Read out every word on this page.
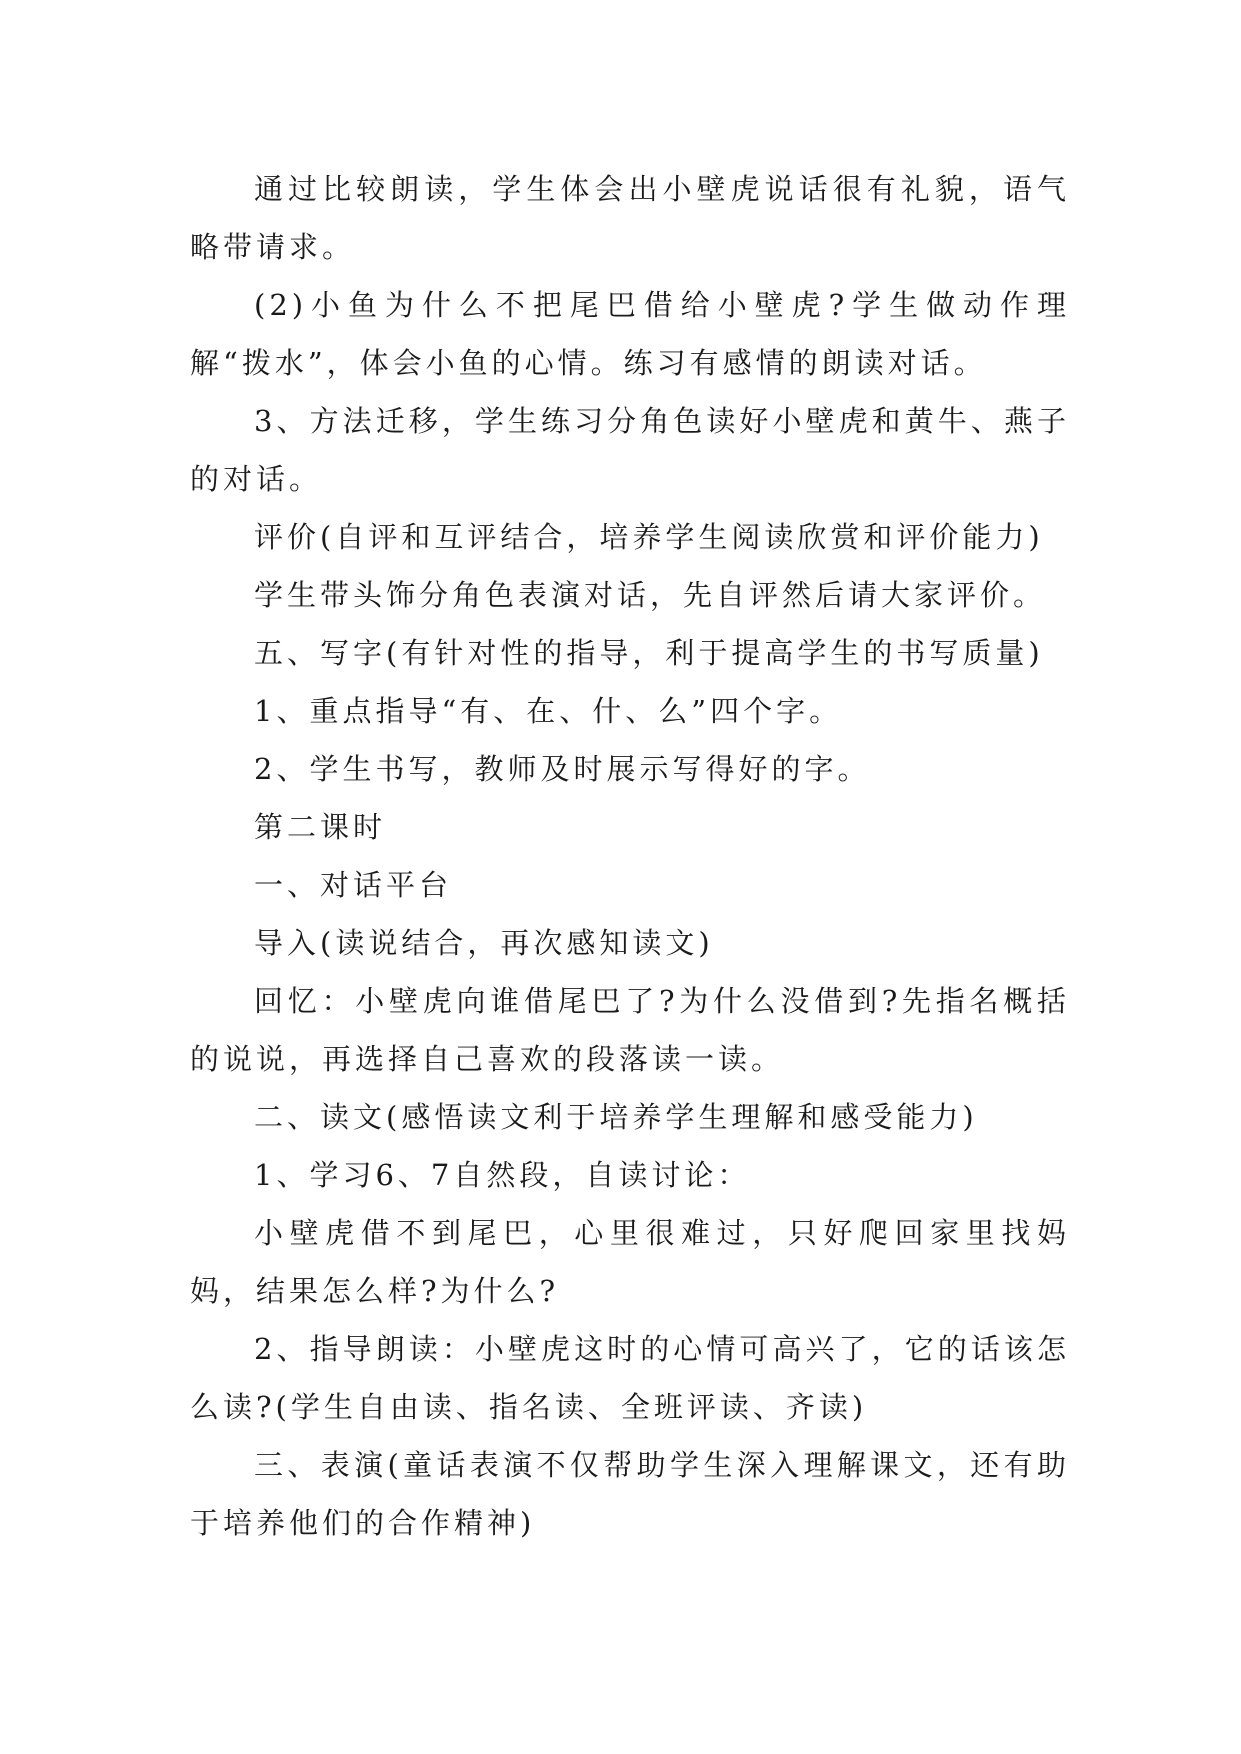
通过比较朗读，学生体会出小壁虎说话很有礼貌，语气略带请求。

(2)小鱼为什么不把尾巴借给小壁虎?学生做动作理解“拨水”，体会小鱼的心情。练习有感情的朗读对话。

3、方法迁移，学生练习分角色读好小壁虎和黄牛、燕子的对话。

评价(自评和互评结合，培养学生阅读欣赏和评价能力)

学生带头饰分角色表演对话，先自评然后请大家评价。

五、写字(有针对性的指导，利于提高学生的书写质量)

1、重点指导“有、在、什、么”四个字。

2、学生书写，教师及时展示写得好的字。

第二课时

一、对话平台

导入(读说结合，再次感知读文)

回忆：小壁虎向谁借尾巴了?为什么没借到?先指名概括的说说，再选择自己喜欢的段落读一读。

二、读文(感悟读文利于培养学生理解和感受能力)

1、学习6、7自然段，自读讨论：

小壁虎借不到尾巴，心里很难过，只好爬回家里找妈妈，结果怎么样?为什么?

2、指导朗读：小壁虎这时的心情可高兴了，它的话该怎么读?(学生自由读、指名读、全班评读、齐读)

三、表演(童话表演不仅帮助学生深入理解课文，还有助于培养他们的合作精神)
